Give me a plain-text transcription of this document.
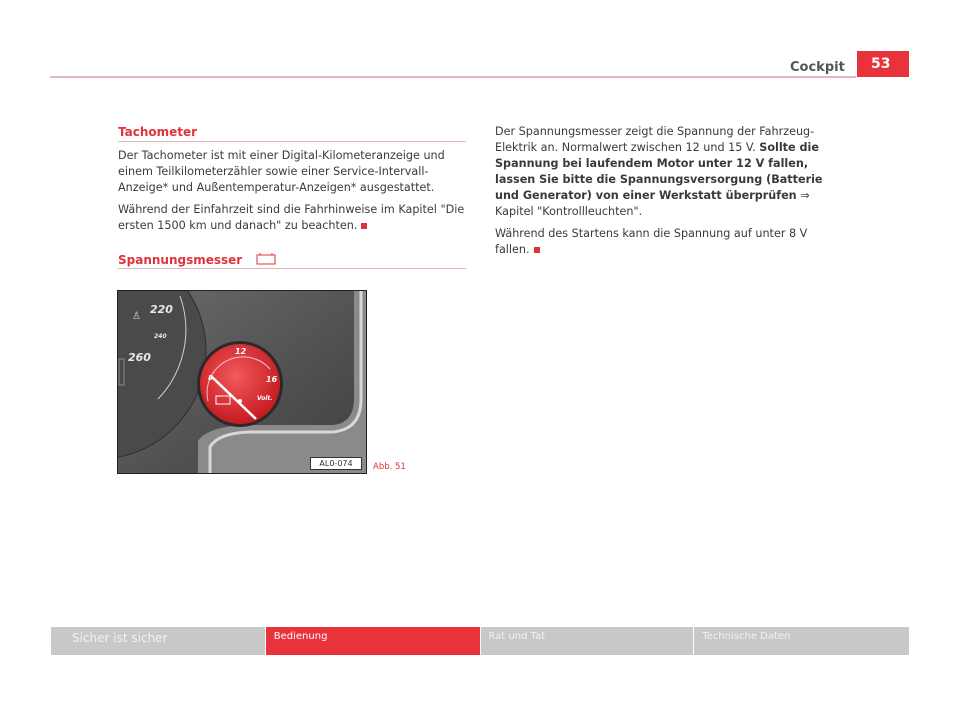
Cockpit	53
Tachometer

Der Tachometer ist mit einer Digital-Kilometeranzeige und einem Teilkilometerzähler sowie einer Service-Intervall-Anzeige* und Außentemperatur-Anzeigen* ausgestattet.

Während der Einfahrzeit sind die Fahrhinweise im Kapitel "Die ersten 1500 km und danach" zu beachten.

Spannungsmesser
♙
220
240
260
8
12
16
Volt.
AL0-074	Abb. 51

Der Spannungsmesser zeigt die Spannung der Fahrzeug-Elektrik an. Normalwert zwischen 12 und 15 V. Sollte die Spannung bei laufendem Motor unter 12 V fallen, lassen Sie bitte die Spannungsversorgung (Batterie und Generator) von einer Werkstatt überprüfen ⇒ Kapitel "Kontrollleuchten".

Während des Startens kann die Spannung auf unter 8 V fallen.

Sicher ist sicher	Bedienung	Rat und Tat	Technische Daten
